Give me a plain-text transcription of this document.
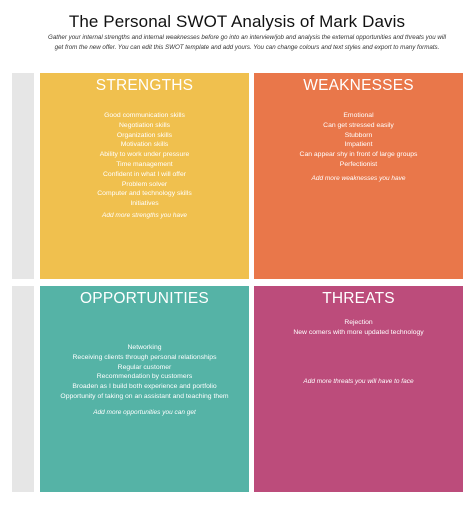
The Personal SWOT Analysis of Mark Davis
Gather your internal strengths and internal weaknesses before go into an interview/job and analysis the external opportunities and threats you will get from the new offer. You can edit this SWOT template and add yours. You can change colours and text styles and export to many formats.
STRENGTHS
Good communication skills
Negotiation skills
Organization skills
Motivation skills
Ability to work under pressure
Time management
Confident in what I will offer
Problem solver
Computer and technology skills
Initiatives
Add more strengths you have
WEAKNESSES
Emotional
Can get stressed easily
Stubborn
Impatient
Can appear shy in front of large groups
Perfectionist
Add more weaknesses you have
OPPORTUNITIES
Networking
Receiving clients through personal relationships
Regular customer
Recommendation by customers
Broaden as I build both experience and portfolio
Opportunity of taking on an assistant and teaching them
Add more opportunities you can get
THREATS
Rejection
New comers with more updated technology
Add more threats you will have to face
